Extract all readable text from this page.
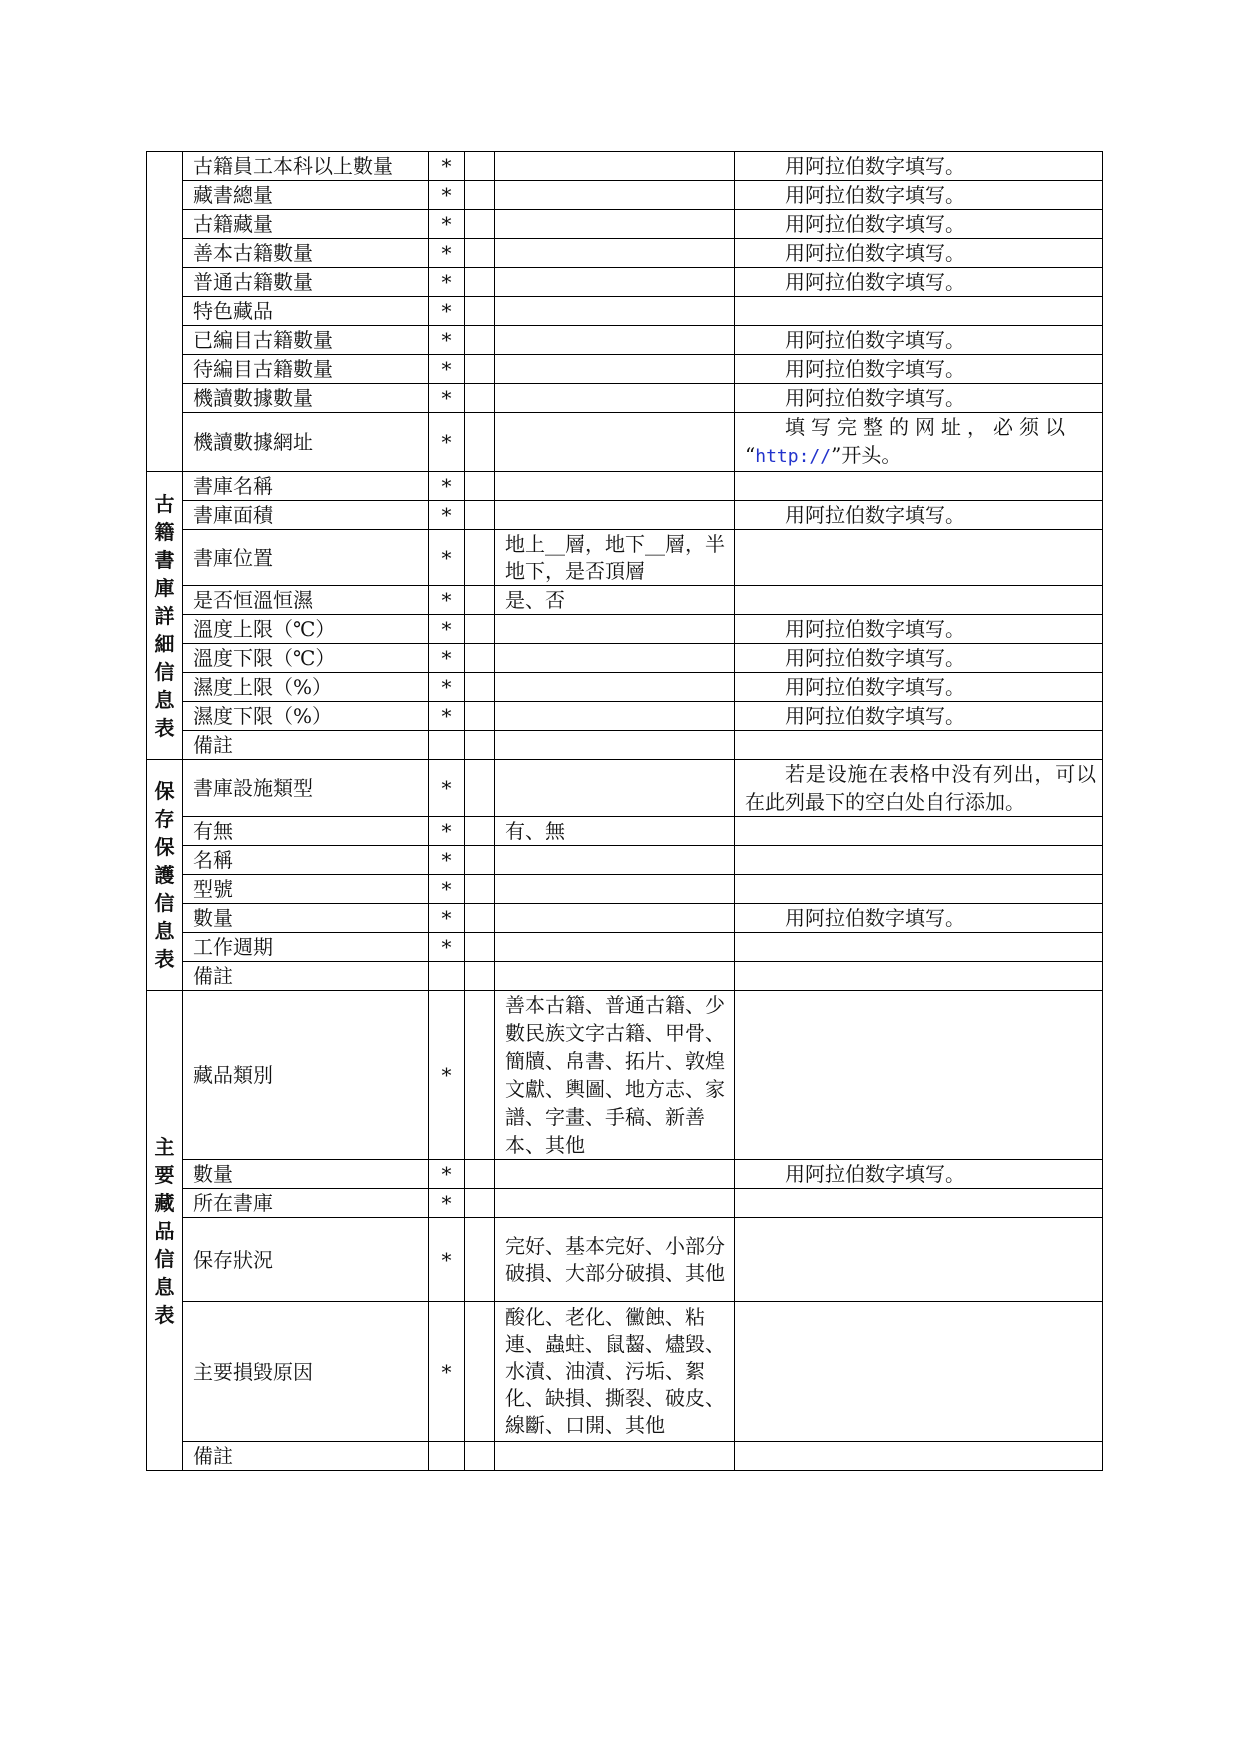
	古籍員工本科以上數量	*			用阿拉伯数字填写。
	藏書總量	*			用阿拉伯数字填写。
	古籍藏量	*			用阿拉伯数字填写。
	善本古籍數量	*			用阿拉伯数字填写。
	普通古籍數量	*			用阿拉伯数字填写。
	特色藏品	*			
	已編目古籍數量	*			用阿拉伯数字填写。
	待編目古籍數量	*			用阿拉伯数字填写。
	機讀數據數量	*			用阿拉伯数字填写。
	機讀數據網址	*			填写完整的网址，必须以
“http://”开头。

古籍書庫詳細信息表	書庫名稱	*			
	書庫面積	*			用阿拉伯数字填写。
	書庫位置	*		地上__層，地下__層，半地下，是否頂層	
	是否恒溫恒濕	*		是、否	
	溫度上限（℃）	*			用阿拉伯数字填写。
	溫度下限（℃）	*			用阿拉伯数字填写。
	濕度上限（%）	*			用阿拉伯数字填写。
	濕度下限（%）	*			用阿拉伯数字填写。
	備註				
保存保護信息表	書庫設施類型	*			若是设施在表格中没有列出，可以在此列最下的空白处自行添加。
	有無	*		有、無	
	名稱	*			
	型號	*			
	數量	*			用阿拉伯数字填写。
	工作週期	*			
	備註				
主要藏品信息表	藏品類別	*		善本古籍、普通古籍、少數民族文字古籍、甲骨、簡牘、帛書、拓片、敦煌文獻、輿圖、地方志、家譜、字畫、手稿、新善本、其他	
	數量	*			用阿拉伯数字填写。
	所在書庫	*			
	保存狀況	*		完好、基本完好、小部分破損、大部分破損、其他	
	主要損毀原因	*		酸化、老化、黴蝕、粘連、蟲蛀、鼠齧、燼毀、水漬、油漬、污垢、絮化、缺損、撕裂、破皮、線斷、口開、其他	
	備註				
